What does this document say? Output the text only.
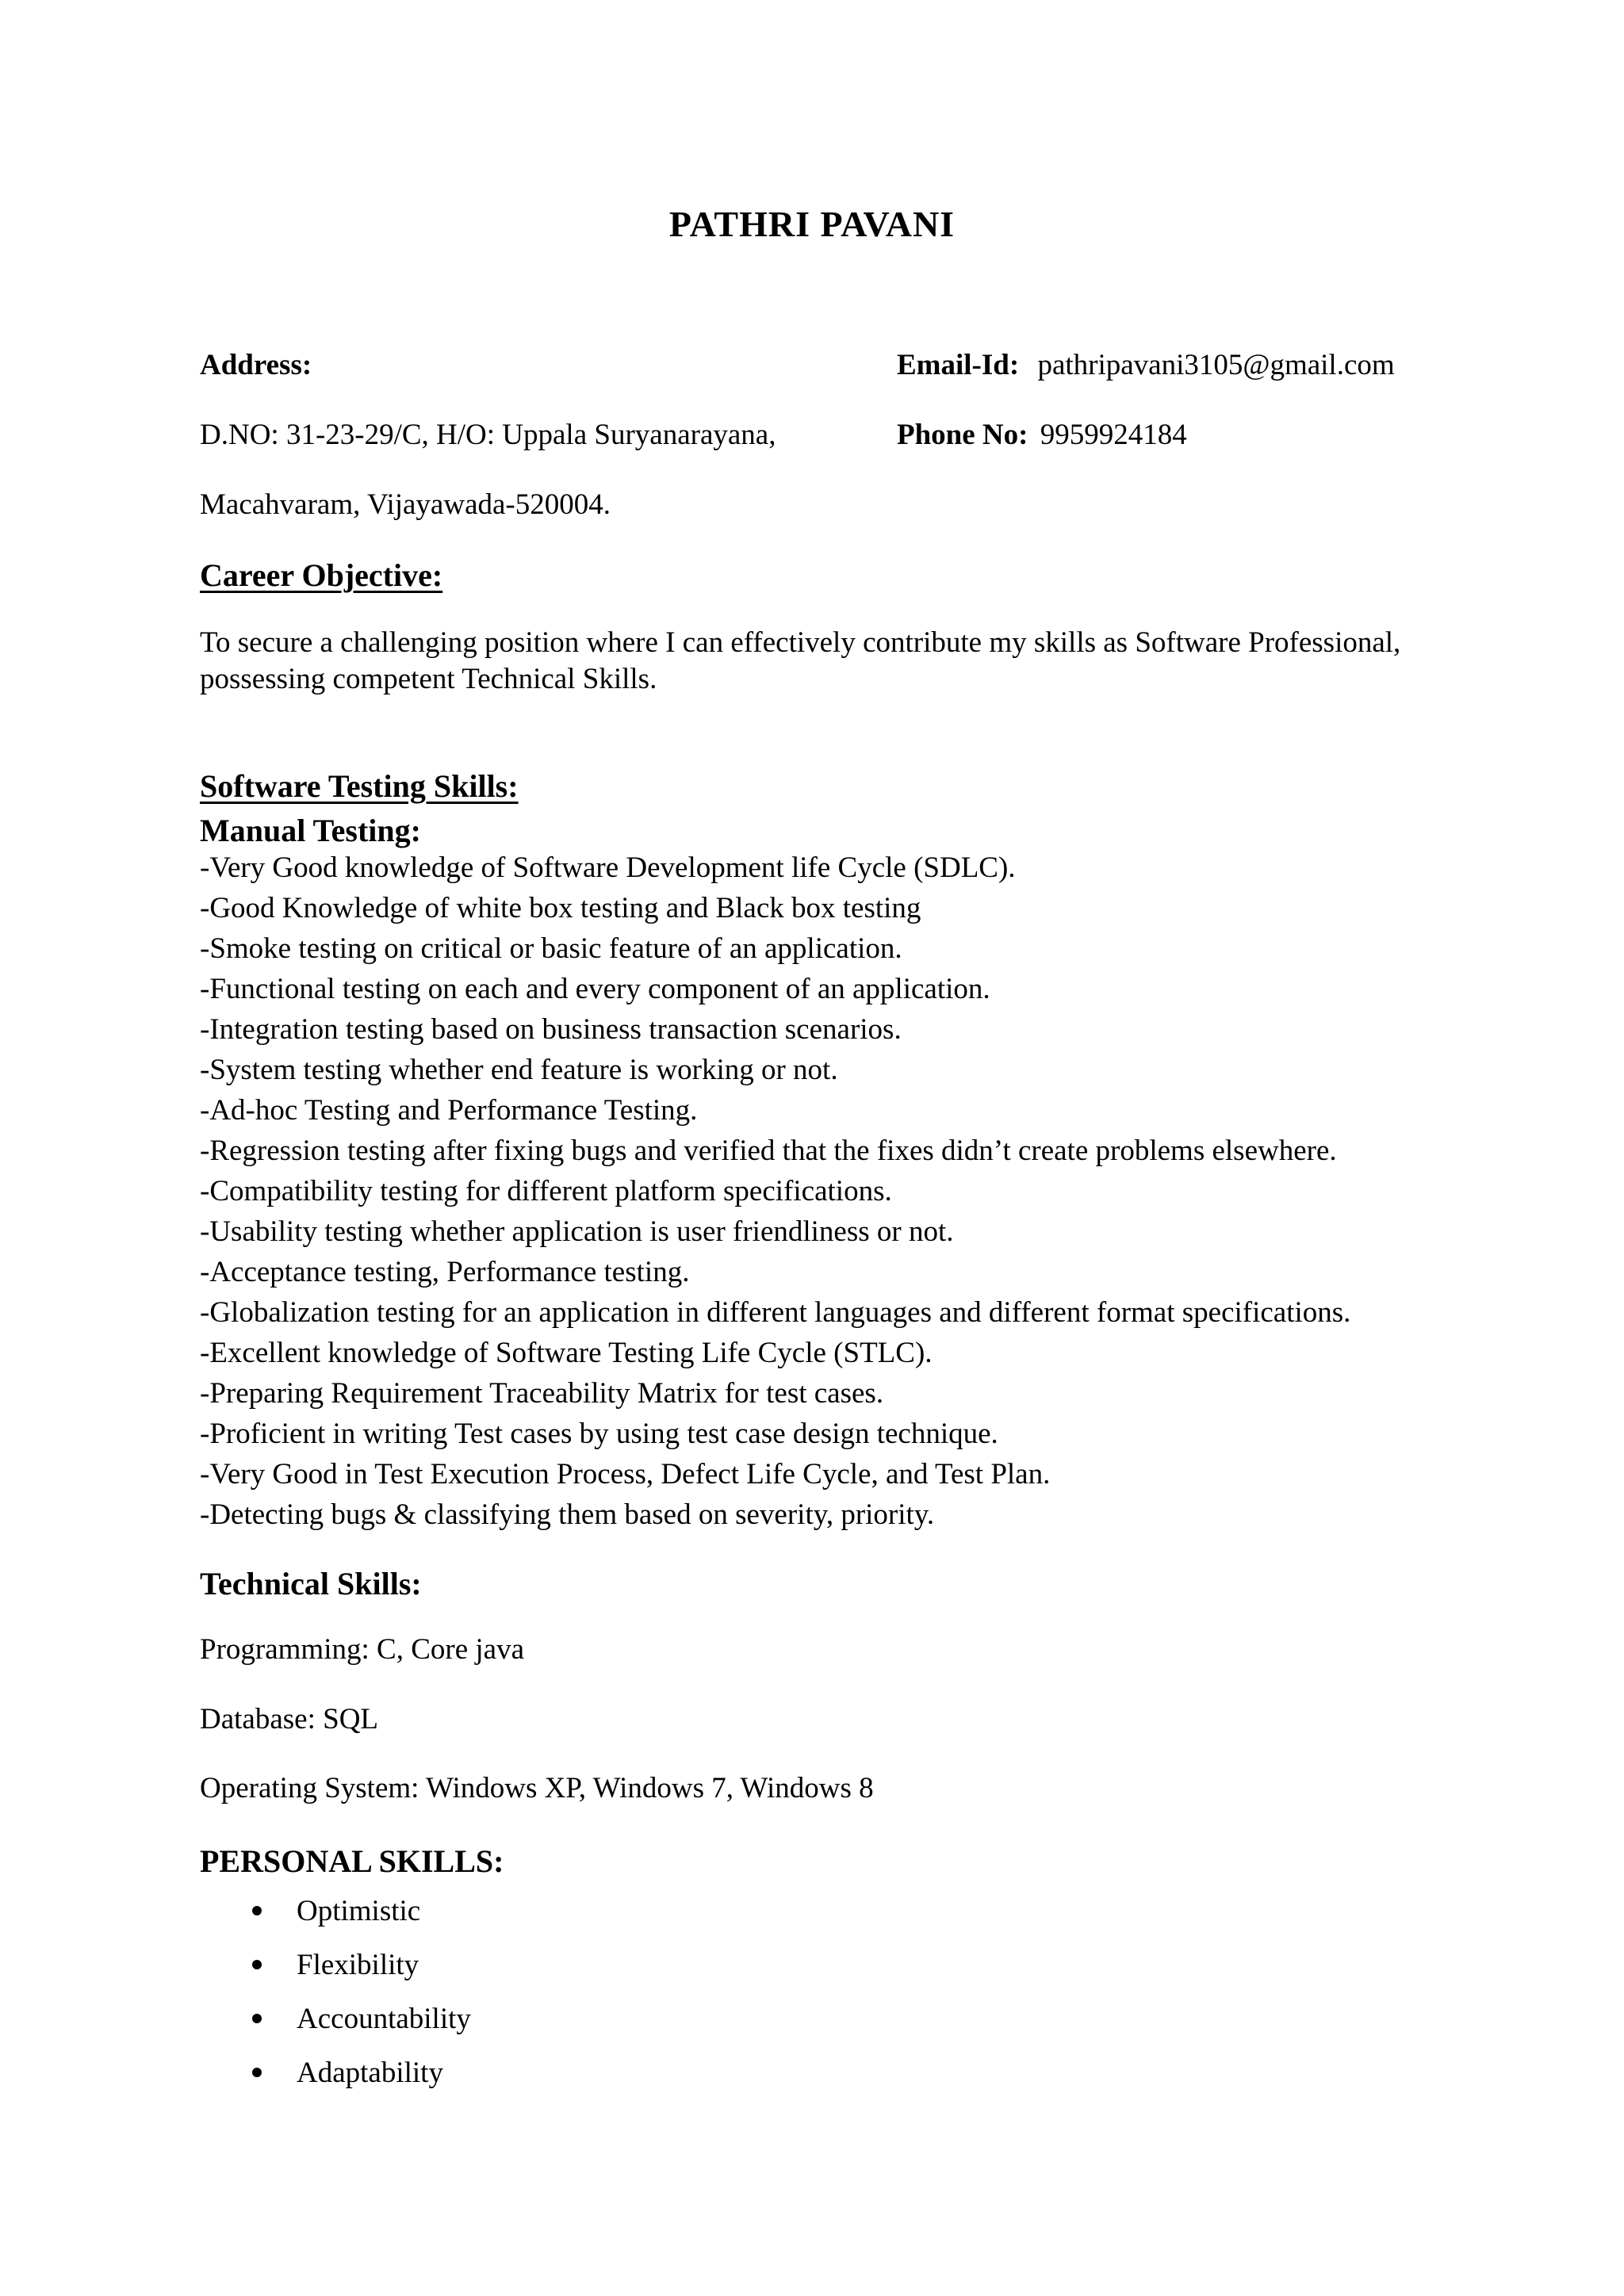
PATHRI PAVANI
Address:
D.NO: 31-23-29/C, H/O: Uppala Suryanarayana,
Macahvaram, Vijayawada-520004.
Email-Id: pathripavani3105@gmail.com
Phone No: 9959924184
Career Objective:
To secure a challenging position where I can effectively contribute my skills as Software Professional,
possessing competent Technical Skills.
Software Testing Skills:
Manual Testing:
-Very Good knowledge of Software Development life Cycle (SDLC).
-Good Knowledge of white box testing and Black box testing
-Smoke testing on critical or basic feature of an application.
-Functional testing on each and every component of an application.
-Integration testing based on business transaction scenarios.
-System testing whether end feature is working or not.
-Ad-hoc Testing and Performance Testing.
-Regression testing after fixing bugs and verified that the fixes didn’t create problems elsewhere.
-Compatibility testing for different platform specifications.
-Usability testing whether application is user friendliness or not.
-Acceptance testing, Performance testing.
-Globalization testing for an application in different languages and different format specifications.
-Excellent knowledge of Software Testing Life Cycle (STLC).
-Preparing Requirement Traceability Matrix for test cases.
-Proficient in writing Test cases by using test case design technique.
-Very Good in Test Execution Process, Defect Life Cycle, and Test Plan.
-Detecting bugs & classifying them based on severity, priority.
Technical Skills:
Programming: C, Core java
Database: SQL
Operating System: Windows XP, Windows 7, Windows 8
PERSONAL SKILLS:
Optimistic
Flexibility
Accountability
Adaptability
